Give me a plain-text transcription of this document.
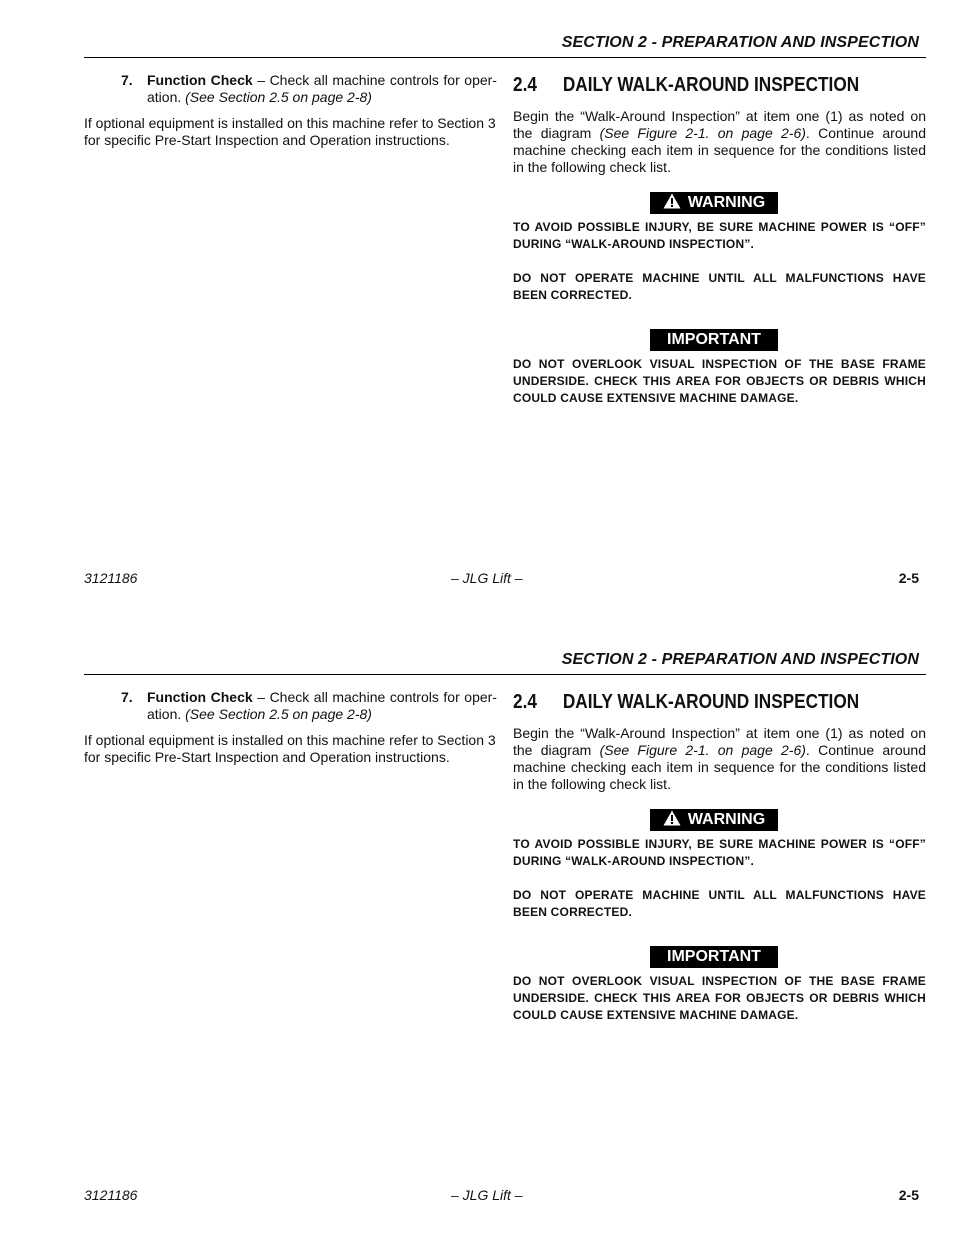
SECTION 2 - PREPARATION AND INSPECTION
7.	Function Check – Check all machine controls for oper-ation. (See Section 2.5 on page 2-8)
If optional equipment is installed on this machine refer to Section 3 for specific Pre-Start Inspection and Operation instructions.
2.4 DAILY WALK-AROUND INSPECTION
Begin the “Walk-Around Inspection” at item one (1) as noted on the diagram (See Figure 2-1. on page 2-6). Continue around machine checking each item in sequence for the conditions listed in the following check list.
WARNING
TO AVOID POSSIBLE INJURY, BE SURE MACHINE POWER IS “OFF” DURING “WALK-AROUND INSPECTION”.
DO NOT OPERATE MACHINE UNTIL ALL MALFUNCTIONS HAVE BEEN CORRECTED.
IMPORTANT
DO NOT OVERLOOK VISUAL INSPECTION OF THE BASE FRAME UNDERSIDE. CHECK THIS AREA FOR OBJECTS OR DEBRIS WHICH COULD CAUSE EXTENSIVE MACHINE DAMAGE.
3121186	– JLG Lift –	2-5
SECTION 2 - PREPARATION AND INSPECTION
7.	Function Check – Check all machine controls for oper-ation. (See Section 2.5 on page 2-8)
If optional equipment is installed on this machine refer to Section 3 for specific Pre-Start Inspection and Operation instructions.
2.4 DAILY WALK-AROUND INSPECTION
Begin the “Walk-Around Inspection” at item one (1) as noted on the diagram (See Figure 2-1. on page 2-6). Continue around machine checking each item in sequence for the conditions listed in the following check list.
WARNING
TO AVOID POSSIBLE INJURY, BE SURE MACHINE POWER IS “OFF” DURING “WALK-AROUND INSPECTION”.
DO NOT OPERATE MACHINE UNTIL ALL MALFUNCTIONS HAVE BEEN CORRECTED.
IMPORTANT
DO NOT OVERLOOK VISUAL INSPECTION OF THE BASE FRAME UNDERSIDE. CHECK THIS AREA FOR OBJECTS OR DEBRIS WHICH COULD CAUSE EXTENSIVE MACHINE DAMAGE.
3121186	– JLG Lift –	2-5
